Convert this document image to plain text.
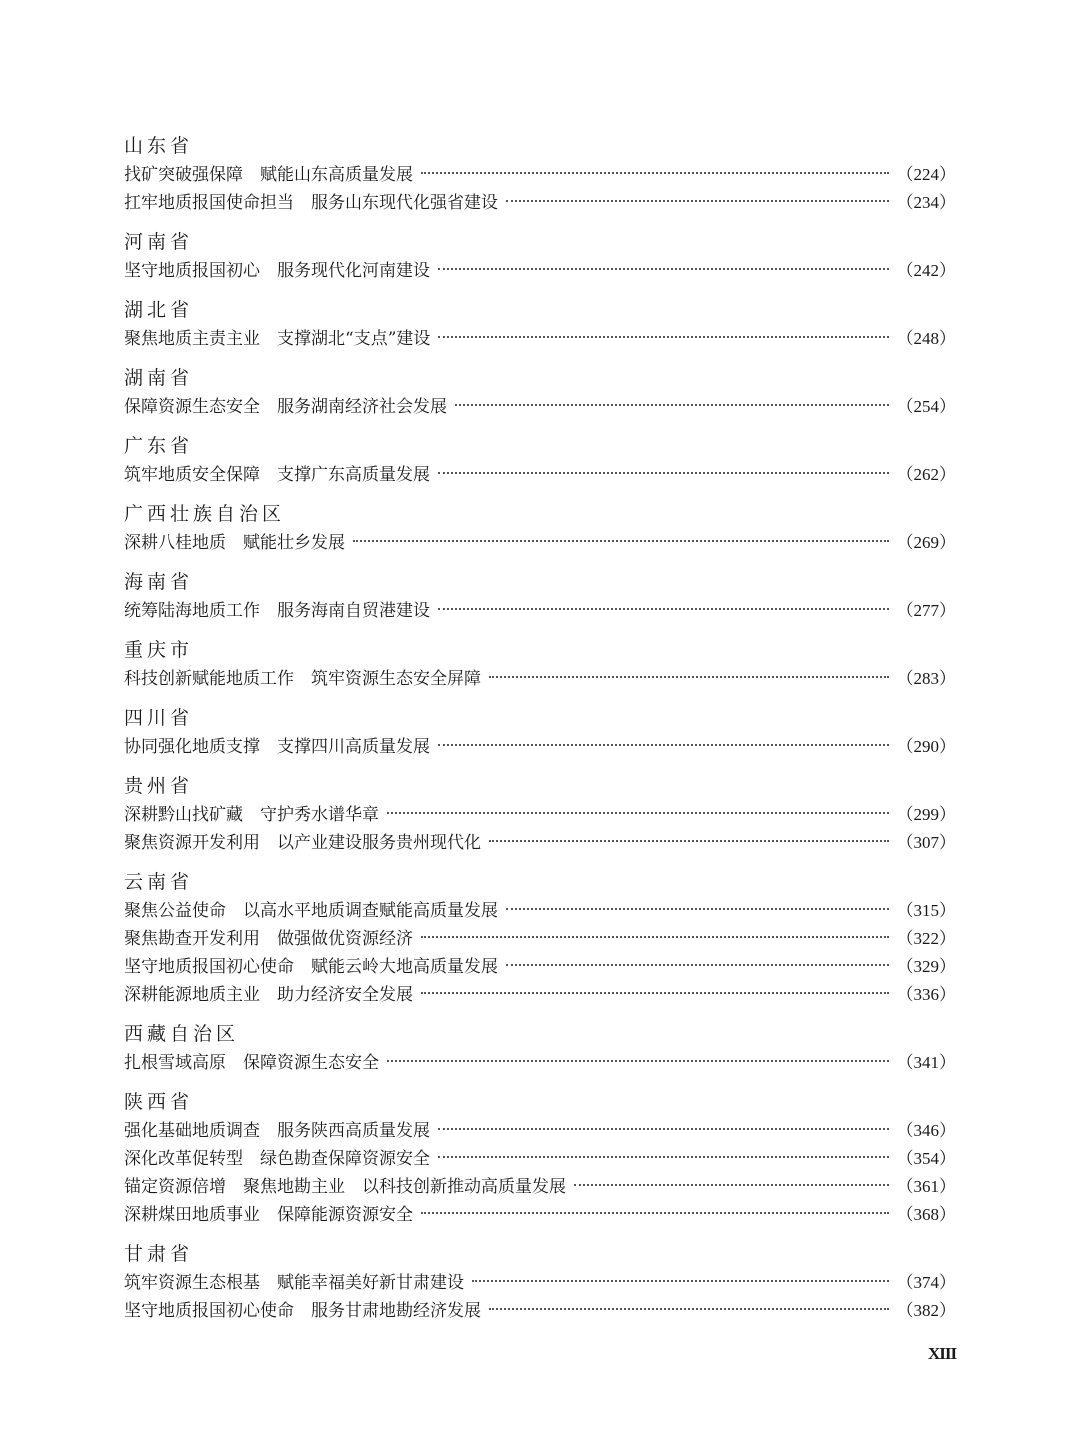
山东省
找矿突破强保障　赋能山东高质量发展	（224）
扛牢地质报国使命担当　服务山东现代化强省建设	（234）
河南省
坚守地质报国初心　服务现代化河南建设	（242）
湖北省
聚焦地质主责主业　支撑湖北“支点”建设	（248）
湖南省
保障资源生态安全　服务湖南经济社会发展	（254）
广东省
筑牢地质安全保障　支撑广东高质量发展	（262）
广西壮族自治区
深耕八桂地质　赋能壮乡发展	（269）
海南省
统筹陆海地质工作　服务海南自贸港建设	（277）
重庆市
科技创新赋能地质工作　筑牢资源生态安全屏障	（283）
四川省
协同强化地质支撑　支撑四川高质量发展	（290）
贵州省
深耕黔山找矿藏　守护秀水谱华章	（299）
聚焦资源开发利用　以产业建设服务贵州现代化	（307）
云南省
聚焦公益使命　以高水平地质调查赋能高质量发展	（315）
聚焦勘查开发利用　做强做优资源经济	（322）
坚守地质报国初心使命　赋能云岭大地高质量发展	（329）
深耕能源地质主业　助力经济安全发展	（336）
西藏自治区
扎根雪域高原　保障资源生态安全	（341）
陕西省
强化基础地质调查　服务陕西高质量发展	（346）
深化改革促转型　绿色勘查保障资源安全	（354）
锚定资源倍增　聚焦地勘主业　以科技创新推动高质量发展	（361）
深耕煤田地质事业　保障能源资源安全	（368）
甘肃省
筑牢资源生态根基　赋能幸福美好新甘肃建设	（374）
坚守地质报国初心使命　服务甘肃地勘经济发展	（382）
XIII
